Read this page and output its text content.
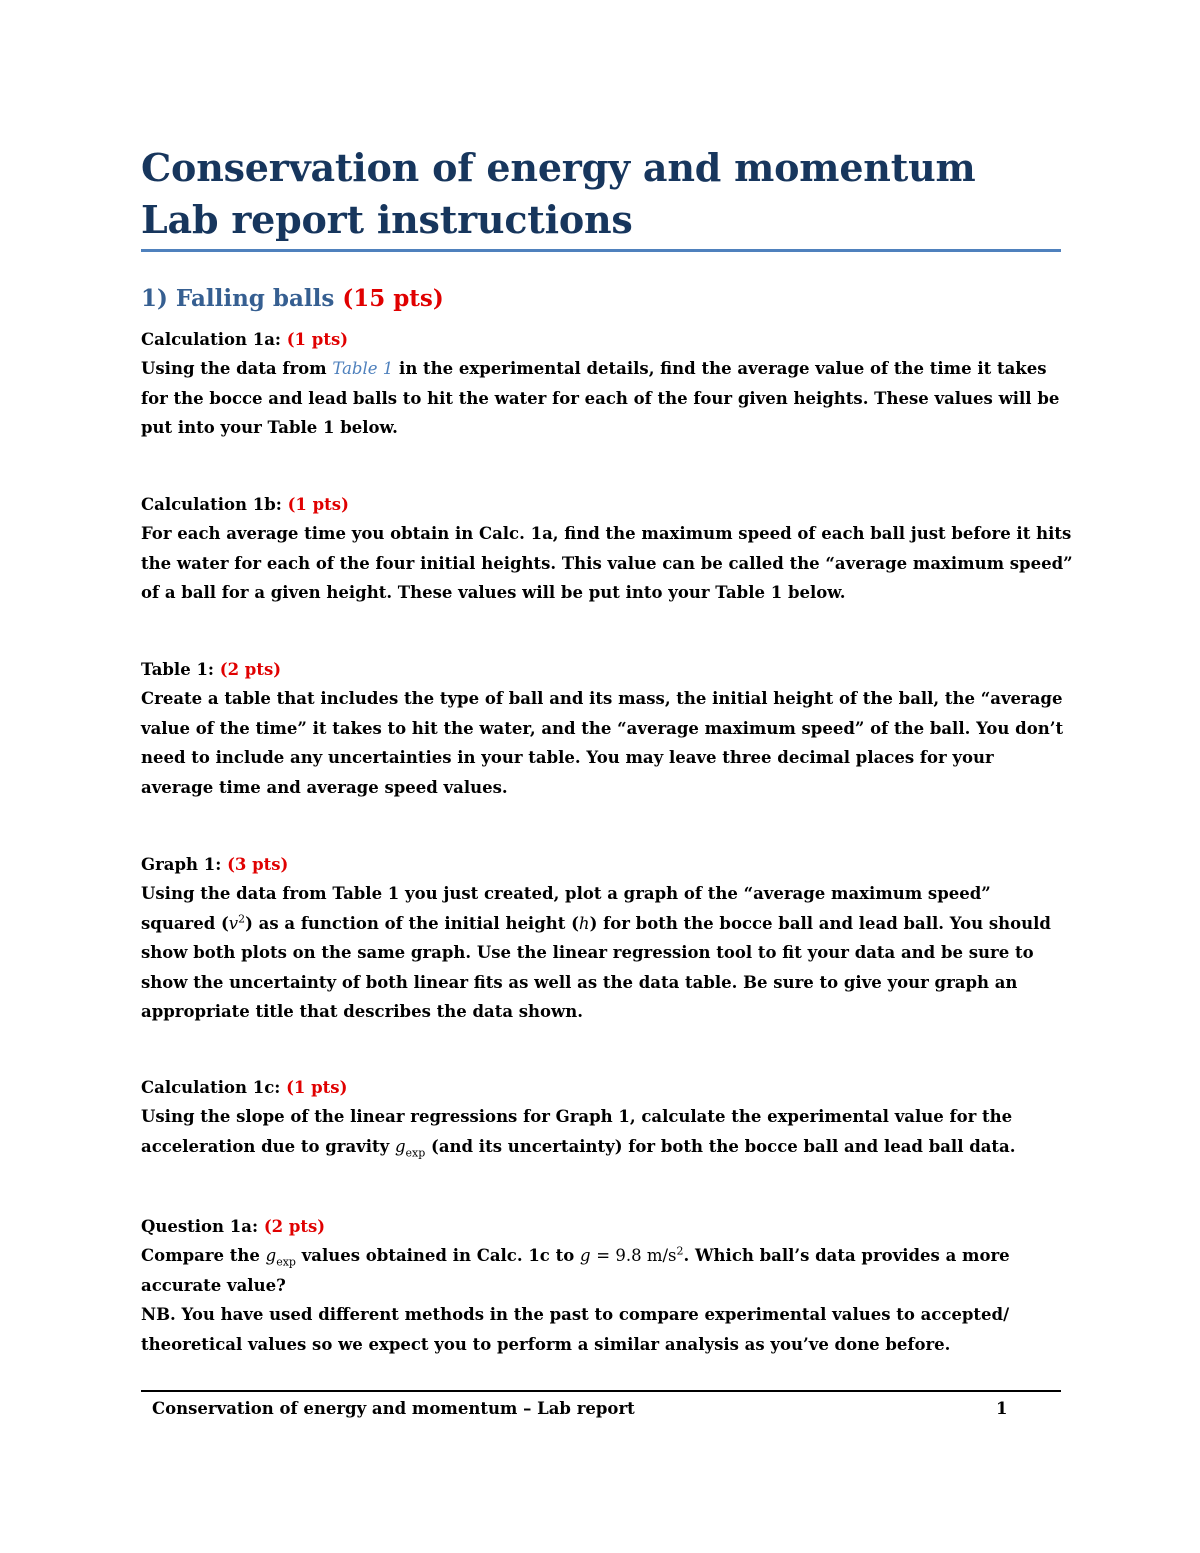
Conservation of energy and momentum
Lab report instructions
1) Falling balls (15 pts)
Calculation 1a: (1 pts)
Using the data from Table 1 in the experimental details, find the average value of the time it takes
for the bocce and lead balls to hit the water for each of the four given heights. These values will be
put into your Table 1 below.
Calculation 1b: (1 pts)
For each average time you obtain in Calc. 1a, find the maximum speed of each ball just before it hits
the water for each of the four initial heights. This value can be called the “average maximum speed”
of a ball for a given height. These values will be put into your Table 1 below.
Table 1: (2 pts)
Create a table that includes the type of ball and its mass, the initial height of the ball, the “average
value of the time” it takes to hit the water, and the “average maximum speed” of the ball. You don’t
need to include any uncertainties in your table. You may leave three decimal places for your
average time and average speed values.
Graph 1: (3 pts)
Using the data from Table 1 you just created, plot a graph of the “average maximum speed”
squared $(v^2)$ as a function of the initial height (h) for both the bocce ball and lead ball. You should
show both plots on the same graph. Use the linear regression tool to fit your data and be sure to
show the uncertainty of both linear fits as well as the data table. Be sure to give your graph an
appropriate title that describes the data shown.
Calculation 1c: (1 pts)
Using the slope of the linear regressions for Graph 1, calculate the experimental value for the
acceleration due to gravity $g_{exp}$ (and its uncertainty) for both the bocce ball and lead ball data.
Question 1a: (2 pts)
Compare the $g_{exp}$ values obtained in Calc. 1c to g = 9.8 $m/s^2$. Which ball’s data provides a more
accurate value?
NB. You have used different methods in the past to compare experimental values to accepted/
theoretical values so we expect you to perform a similar analysis as you’ve done before.
Conservation of energy and momentum – Lab report	1
